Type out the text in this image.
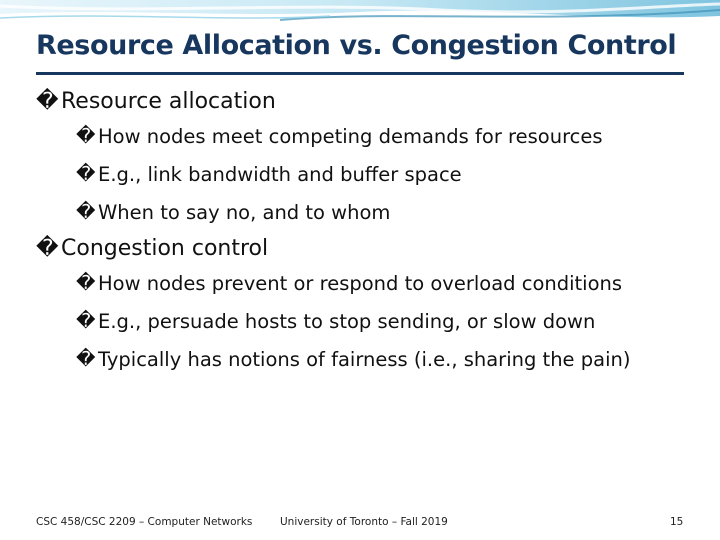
Resource Allocation vs. Congestion Control
� Resource allocation
� How nodes meet competing demands for resources
� E.g., link bandwidth and buffer space
� When to say no, and to whom
� Congestion control
� How nodes prevent or respond to overload conditions
� E.g., persuade hosts to stop sending, or slow down
� Typically has notions of fairness (i.e., sharing the pain)
CSC 458/CSC 2209 – Computer Networks	University of Toronto – Fall 2019	15
